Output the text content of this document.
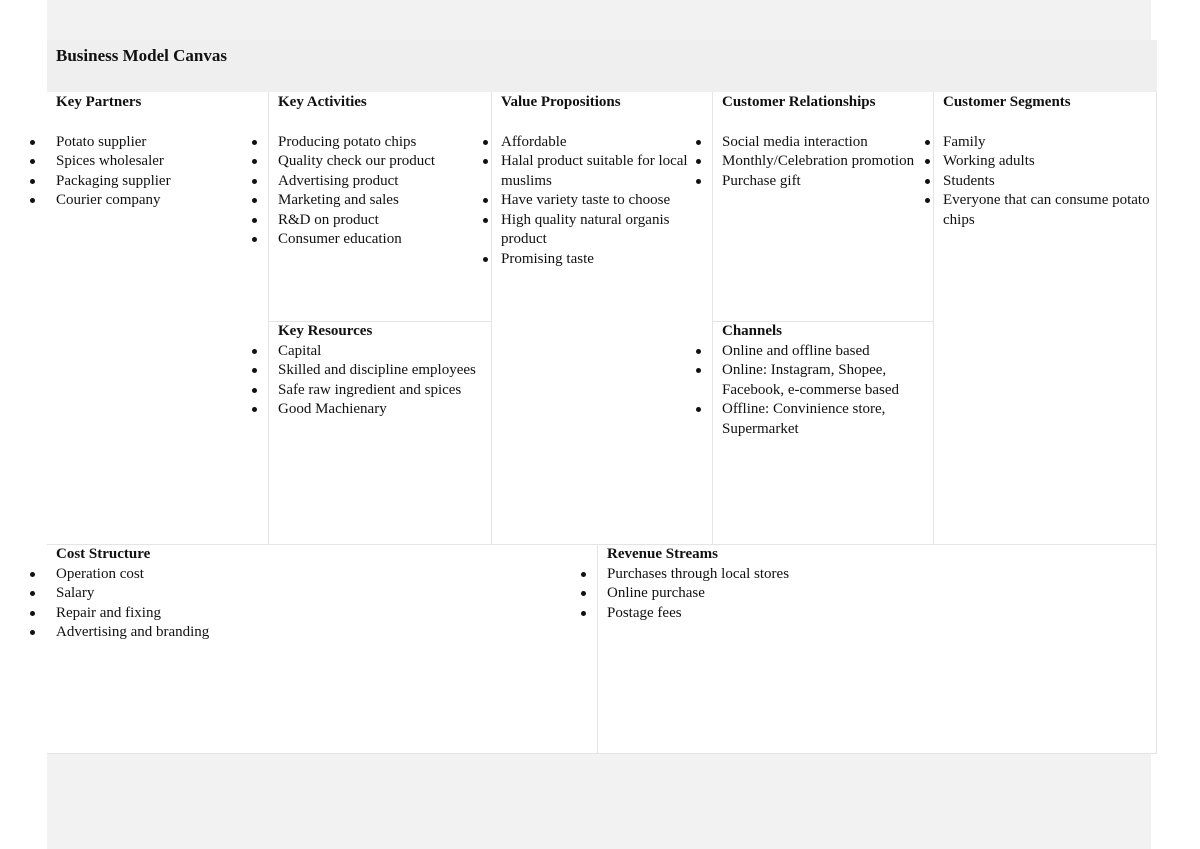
Business Model Canvas
Key Partners
Potato supplier
Spices wholesaler
Packaging supplier
Courier company
Key Activities
Producing potato chips
Quality check our product
Advertising product
Marketing and sales
R&D on product
Consumer education
Key Resources
Capital
Skilled and discipline employees
Safe raw ingredient and spices
Good Machienary
Value Propositions
Affordable
Halal product suitable for local muslims
Have variety taste to choose
High quality natural organis product
Promising taste
Customer Relationships
Social media interaction
Monthly/Celebration promotion
Purchase gift
Channels
Online and offline based
Online: Instagram, Shopee, Facebook, e-commerse based
Offline: Convinience store, Supermarket
Customer Segments
Family
Working adults
Students
Everyone that can consume potato chips
Cost Structure
Operation cost
Salary
Repair and fixing
Advertising and branding
Revenue Streams
Purchases through local stores
Online purchase
Postage fees
